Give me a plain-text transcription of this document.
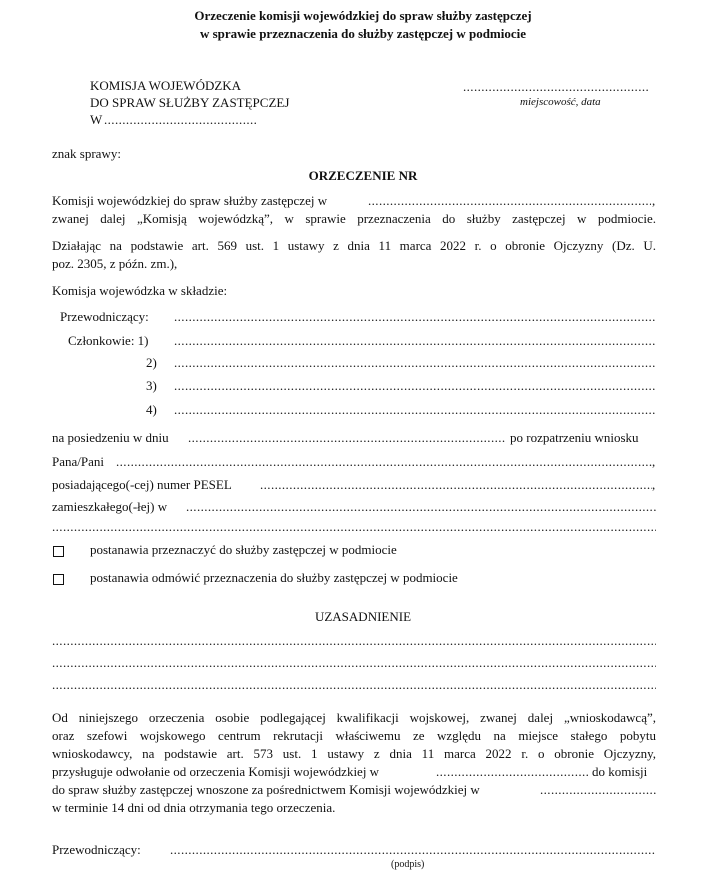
Orzeczenie komisji wojewódzkiej do spraw służby zastępczej
w sprawie przeznaczenia do służby zastępczej w podmiocie
KOMISJA WOJEWÓDZKA
DO SPRAW SŁUŻBY ZASTĘPCZEJ
W
.....
.....
miejscowość, data
znak sprawy:
ORZECZENIE NR
Komisji wojewódzkiej do spraw służby zastępczej w .....	,
zwanej dalej „Komisją wojewódzką”, w sprawie przeznaczenia do służby zastępczej w podmiocie.
Działając na podstawie art. 569 ust. 1 ustawy z dnia 11 marca 2022 r. o obronie Ojczyzny (Dz. U.
poz. 2305, z późn. zm.),
Komisja wojewódzka w składzie:
Przewodniczący:
.....
Członkowie: 1)
.....
2)
.....
3)
.....
4)
.....
na posiedzeniu w dniu .....	po rozpatrzeniu wniosku
Pana/Pani .....	,
posiadającego(-cej) numer PESEL .....	,
zamieszkałego(-łej) w
.....
.....
postanawia przeznaczyć do służby zastępczej w podmiocie
postanawia odmówić przeznaczenia do służby zastępczej w podmiocie
UZASADNIENIE
.....
.....
.....
Od niniejszego orzeczenia osobie podlegającej kwalifikacji wojskowej, zwanej dalej „wnioskodawcą”,
oraz szefowi wojskowego centrum rekrutacji właściwemu ze względu na miejsce stałego pobytu
wnioskodawcy, na podstawie art. 573 ust. 1 ustawy z dnia 11 marca 2022 r. o obronie Ojczyzny,
przysługuje odwołanie od orzeczenia Komisji wojewódzkiej w .....	do komisji
do spraw służby zastępczej wnoszone za pośrednictwem Komisji wojewódzkiej w
.....
w terminie 14 dni od dnia otrzymania tego orzeczenia.
Przewodniczący:
.....
(podpis)
